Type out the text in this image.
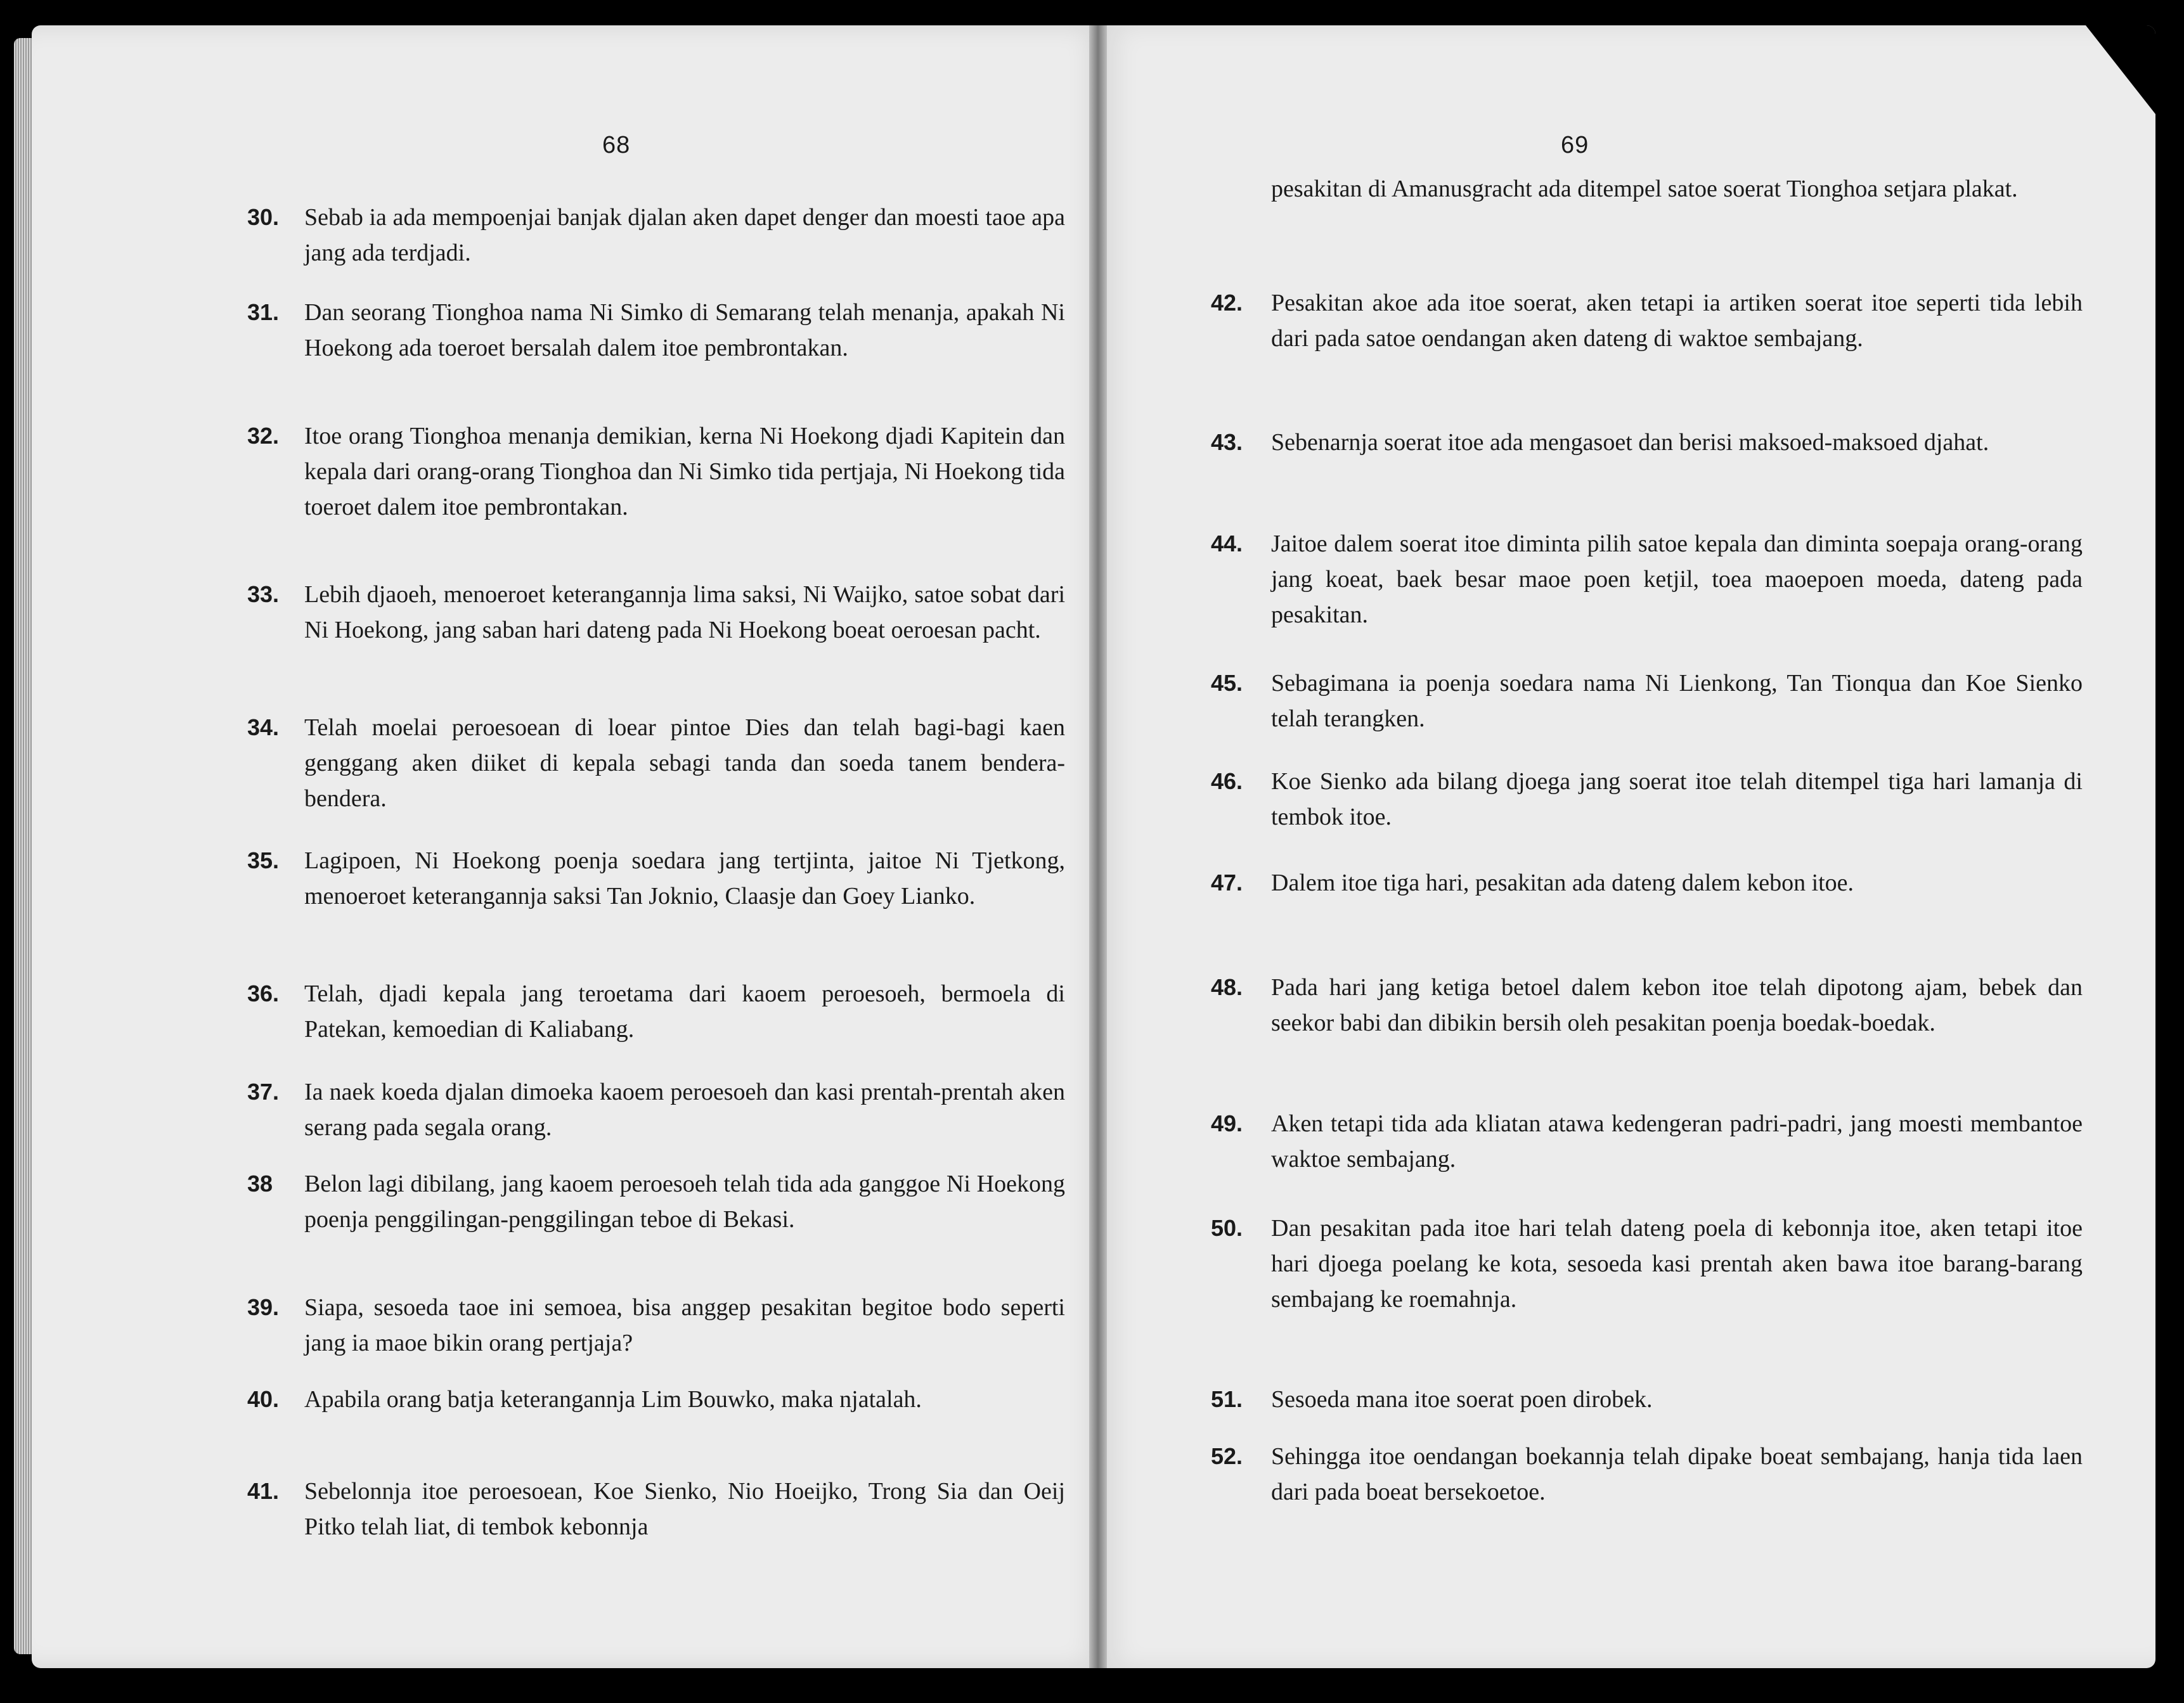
68
30. Sebab ia ada mempoenjai banjak djalan aken dapet denger dan moesti taoe apa jang ada terdjadi.
31. Dan seorang Tionghoa nama Ni Simko di Semarang telah menanja, apakah Ni Hoekong ada toeroet bersalah dalem itoe pembrontakan.
32. Itoe orang Tionghoa menanja demikian, kerna Ni Hoekong djadi Kapitein dan kepala dari orang-orang Tionghoa dan Ni Simko tida pertjaja, Ni Hoekong tida toeroet dalem itoe pembrontakan.
33. Lebih djaoeh, menoeroet keterangannja lima saksi, Ni Waijko, satoe sobat dari Ni Hoekong, jang saban hari dateng pada Ni Hoekong boeat oeroesan pacht.
34. Telah moelai peroesoean di loear pintoe Dies dan telah bagi-bagi kaen genggang aken diiket di kepala sebagi tanda dan soeda tanem bendera-bendera.
35. Lagipoen, Ni Hoekong poenja soedara jang tertjinta, jaitoe Ni Tjetkong, menoeroet keterangannja saksi Tan Joknio, Claasje dan Goey Lianko.
36. Telah, djadi kepala jang teroetama dari kaoem peroesoeh, bermoela di Patekan, kemoedian di Kaliabang.
37. Ia naek koeda djalan dimoeka kaoem peroesoeh dan kasi prentah-prentah aken serang pada segala orang.
38 Belon lagi dibilang, jang kaoem peroesoeh telah tida ada ganggoe Ni Hoekong poenja penggilingan-penggilingan teboe di Bekasi.
39. Siapa, sesoeda taoe ini semoea, bisa anggep pesakitan begitoe bodo seperti jang ia maoe bikin orang pertjaja?
40. Apabila orang batja keterangannja Lim Bouwko, maka njatalah.
41. Sebelonnja itoe peroesoean, Koe Sienko, Nio Hoeijko, Trong Sia dan Oeij Pitko telah liat, di tembok kebonnja
69
pesakitan di Amanusgracht ada ditempel satoe soerat Tionghoa setjara plakat.
42. Pesakitan akoe ada itoe soerat, aken tetapi ia artiken soerat itoe seperti tida lebih dari pada satoe oendangan aken dateng di waktoe sembajang.
43. Sebenarnja soerat itoe ada mengasoet dan berisi maksoed-maksoed djahat.
44. Jaitoe dalem soerat itoe diminta pilih satoe kepala dan diminta soepaja orang-orang jang koeat, baek besar maoe poen ketjil, toea maoepoen moeda, dateng pada pesakitan.
45. Sebagimana ia poenja soedara nama Ni Lienkong, Tan Tionqua dan Koe Sienko telah terangken.
46. Koe Sienko ada bilang djoega jang soerat itoe telah ditempel tiga hari lamanja di tembok itoe.
47. Dalem itoe tiga hari, pesakitan ada dateng dalem kebon itoe.
48. Pada hari jang ketiga betoel dalem kebon itoe telah dipotong ajam, bebek dan seekor babi dan dibikin bersih oleh pesakitan poenja boedak-boedak.
49. Aken tetapi tida ada kliatan atawa kedengeran padri-padri, jang moesti membantoe waktoe sembajang.
50. Dan pesakitan pada itoe hari telah dateng poela di kebonnja itoe, aken tetapi itoe hari djoega poelang ke kota, sesoeda kasi prentah aken bawa itoe barang-barang sembajang ke roemahnja.
51. Sesoeda mana itoe soerat poen dirobek.
52. Sehingga itoe oendangan boekannja telah dipake boeat sembajang, hanja tida laen dari pada boeat bersekoetoe.
